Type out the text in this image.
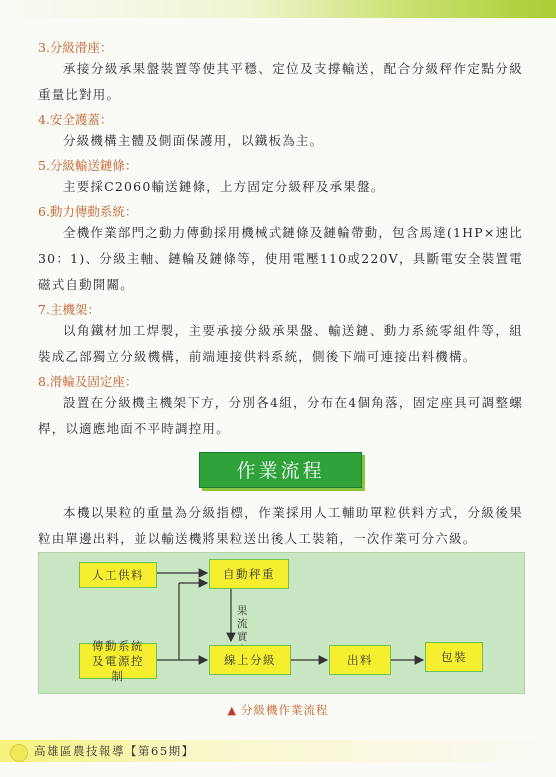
3.分級滑座：

承接分級承果盤裝置等使其平穩、定位及支撐輸送，配合分級秤作定點分級重量比對用。

4.安全護蓋：

分級機構主體及側面保護用，以鐵板為主。

5.分級輸送鏈條：

主要採C2060輸送鏈條，上方固定分級秤及承果盤。

6.動力傳動系統：

全機作業部門之動力傳動採用機械式鏈條及鏈輪帶動，包含馬達(1HP×速比30：1)、分級主軸、鏈輪及鏈條等，使用電壓110或220V，具斷電安全裝置電磁式自動開關。

7.主機架：

以角鐵材加工焊製，主要承接分級承果盤、輸送鏈、動力系統零組件等，組裝成乙部獨立分級機構，前端連接供料系統，側後下端可連接出料機構。

8.滑輪及固定座：

設置在分級機主機架下方，分別各4組，分布在4個角落，固定座具可調整螺桿，以適應地面不平時調控用。

作業流程

本機以果粒的重量為分級指標，作業採用人工輔助單粒供料方式，分級後果粒由單邊出料，並以輸送機將果粒送出後人工裝箱，一次作業可分六級。

人工供料	自動秤重
果流實
傳動系統及電源控制
線上分級	出料	包裝
▲ 分級機作業流程
高雄區農技報導【第65期】
